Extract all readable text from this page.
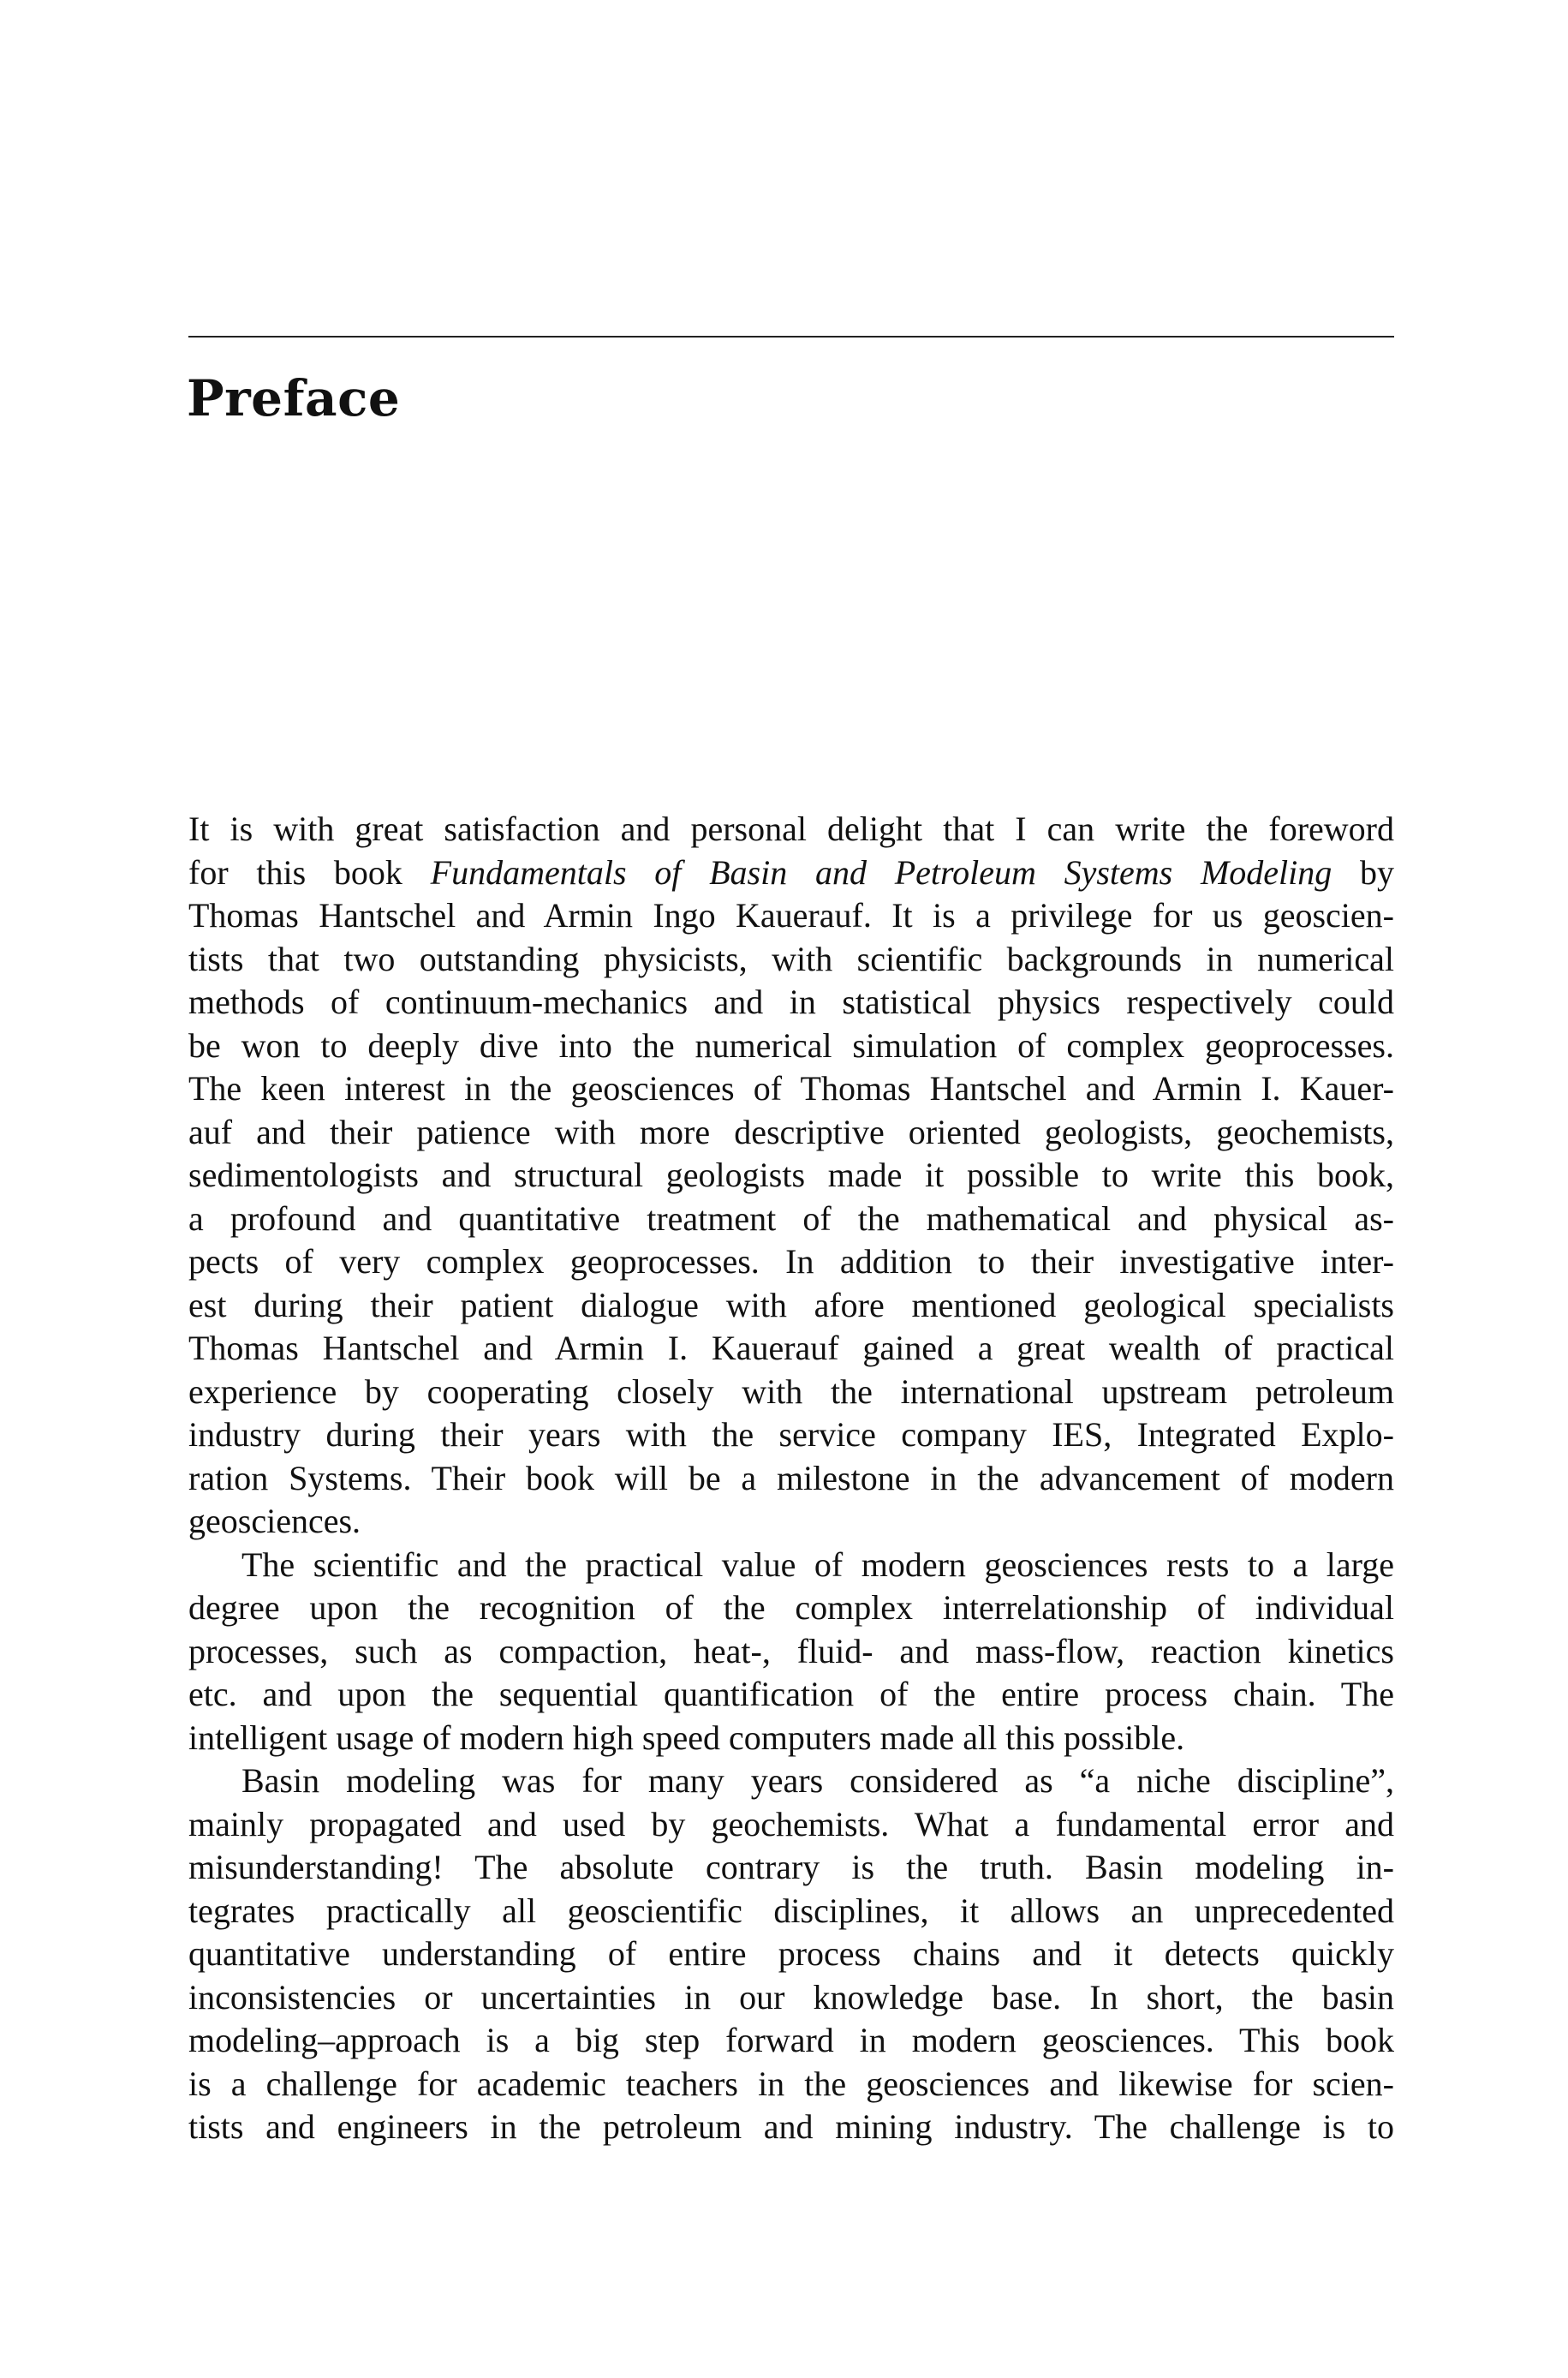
Preface
It is with great satisfaction and personal delight that I can write the foreword
for this book Fundamentals of Basin and Petroleum Systems Modeling by
Thomas Hantschel and Armin Ingo Kauerauf. It is a privilege for us geoscien-
tists that two outstanding physicists, with scientific backgrounds in numerical
methods of continuum-mechanics and in statistical physics respectively could
be won to deeply dive into the numerical simulation of complex geoprocesses.
The keen interest in the geosciences of Thomas Hantschel and Armin I. Kauer-
auf and their patience with more descriptive oriented geologists, geochemists,
sedimentologists and structural geologists made it possible to write this book,
a profound and quantitative treatment of the mathematical and physical as-
pects of very complex geoprocesses. In addition to their investigative inter-
est during their patient dialogue with afore mentioned geological specialists
Thomas Hantschel and Armin I. Kauerauf gained a great wealth of practical
experience by cooperating closely with the international upstream petroleum
industry during their years with the service company IES, Integrated Explo-
ration Systems. Their book will be a milestone in the advancement of modern
geosciences.
The scientific and the practical value of modern geosciences rests to a large
degree upon the recognition of the complex interrelationship of individual
processes, such as compaction, heat-, fluid- and mass-flow, reaction kinetics
etc. and upon the sequential quantification of the entire process chain. The
intelligent usage of modern high speed computers made all this possible.
Basin modeling was for many years considered as “a niche discipline”,
mainly propagated and used by geochemists. What a fundamental error and
misunderstanding! The absolute contrary is the truth. Basin modeling in-
tegrates practically all geoscientific disciplines, it allows an unprecedented
quantitative understanding of entire process chains and it detects quickly
inconsistencies or uncertainties in our knowledge base. In short, the basin
modeling–approach is a big step forward in modern geosciences. This book
is a challenge for academic teachers in the geosciences and likewise for scien-
tists and engineers in the petroleum and mining industry. The challenge is to
